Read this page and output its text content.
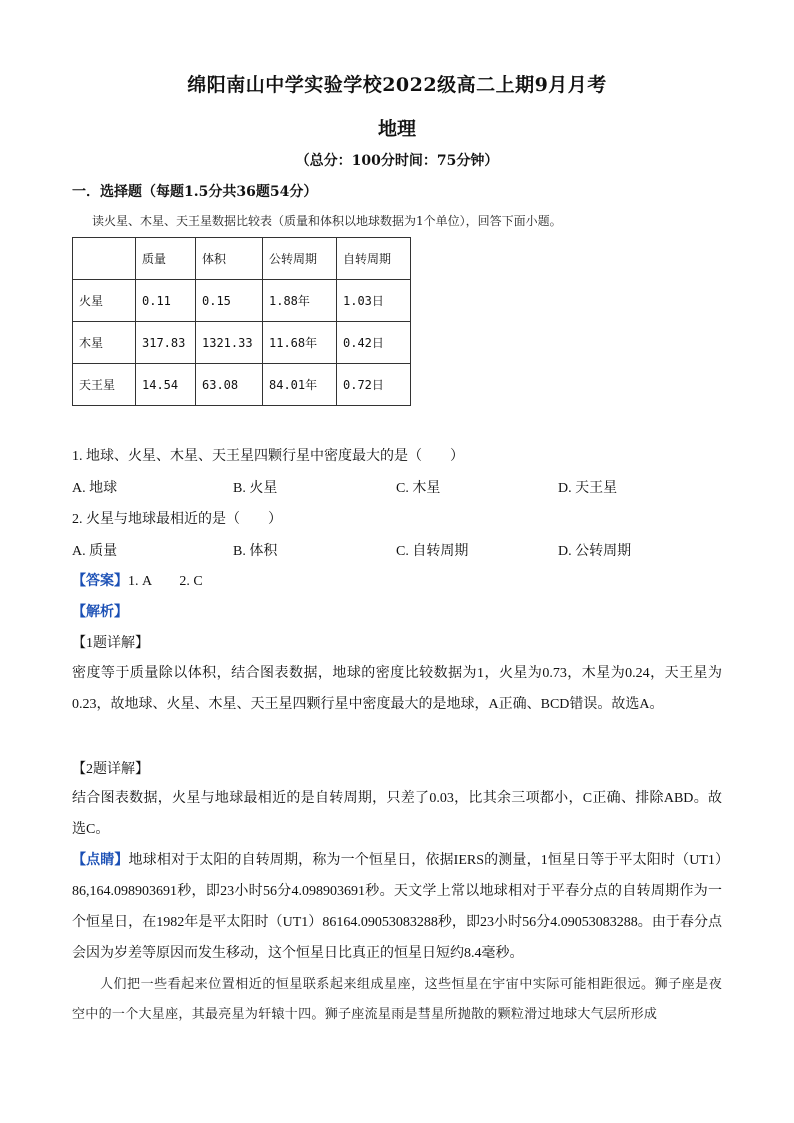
绵阳南山中学实验学校2022级高二上期9月月考
地理
（总分：100分时间：75分钟）
一．选择题（每题1.5分共36题54分）
读火星、木星、天王星数据比较表（质量和体积以地球数据为1个单位），回答下面小题。
	质量	体积	公转周期	自转周期
火星	0.11	0.15	1.88年	1.03日
木星	317.83	1321.33	11.68年	0.42日
天王星	14.54	63.08	84.01年	0.72日
1. 地球、火星、木星、天王星四颗行星中密度最大的是（　　）
A. 地球	B. 火星	C. 木星	D. 天王星
2. 火星与地球最相近的是（　　）
A. 质量	B. 体积	C. 自转周期	D. 公转周期
【答案】1. A　　2. C
【解析】
【1题详解】
密度等于质量除以体积，结合图表数据，地球的密度比较数据为1，火星为0.73，木星为0.24，天王星为0.23，故地球、火星、木星、天王星四颗行星中密度最大的是地球，A正确、BCD错误。故选A。
【2题详解】
结合图表数据，火星与地球最相近的是自转周期，只差了0.03，比其余三项都小，C正确、排除ABD。故选C。
【点睛】地球相对于太阳的自转周期，称为一个恒星日，依据IERS的测量，1恒星日等于平太阳时（UT1）86,164.098903691秒，即23小时56分4.098903691秒。天文学上常以地球相对于平春分点的自转周期作为一个恒星日，在1982年是平太阳时（UT1）86164.09053083288秒，即23小时56分4.09053083288。由于春分点会因为岁差等原因而发生移动，这个恒星日比真正的恒星日短约8.4毫秒。
人们把一些看起来位置相近的恒星联系起来组成星座，这些恒星在宇宙中实际可能相距很远。狮子座是夜空中的一个大星座，其最亮星为轩辕十四。狮子座流星雨是彗星所抛散的颗粒滑过地球大气层所形成
